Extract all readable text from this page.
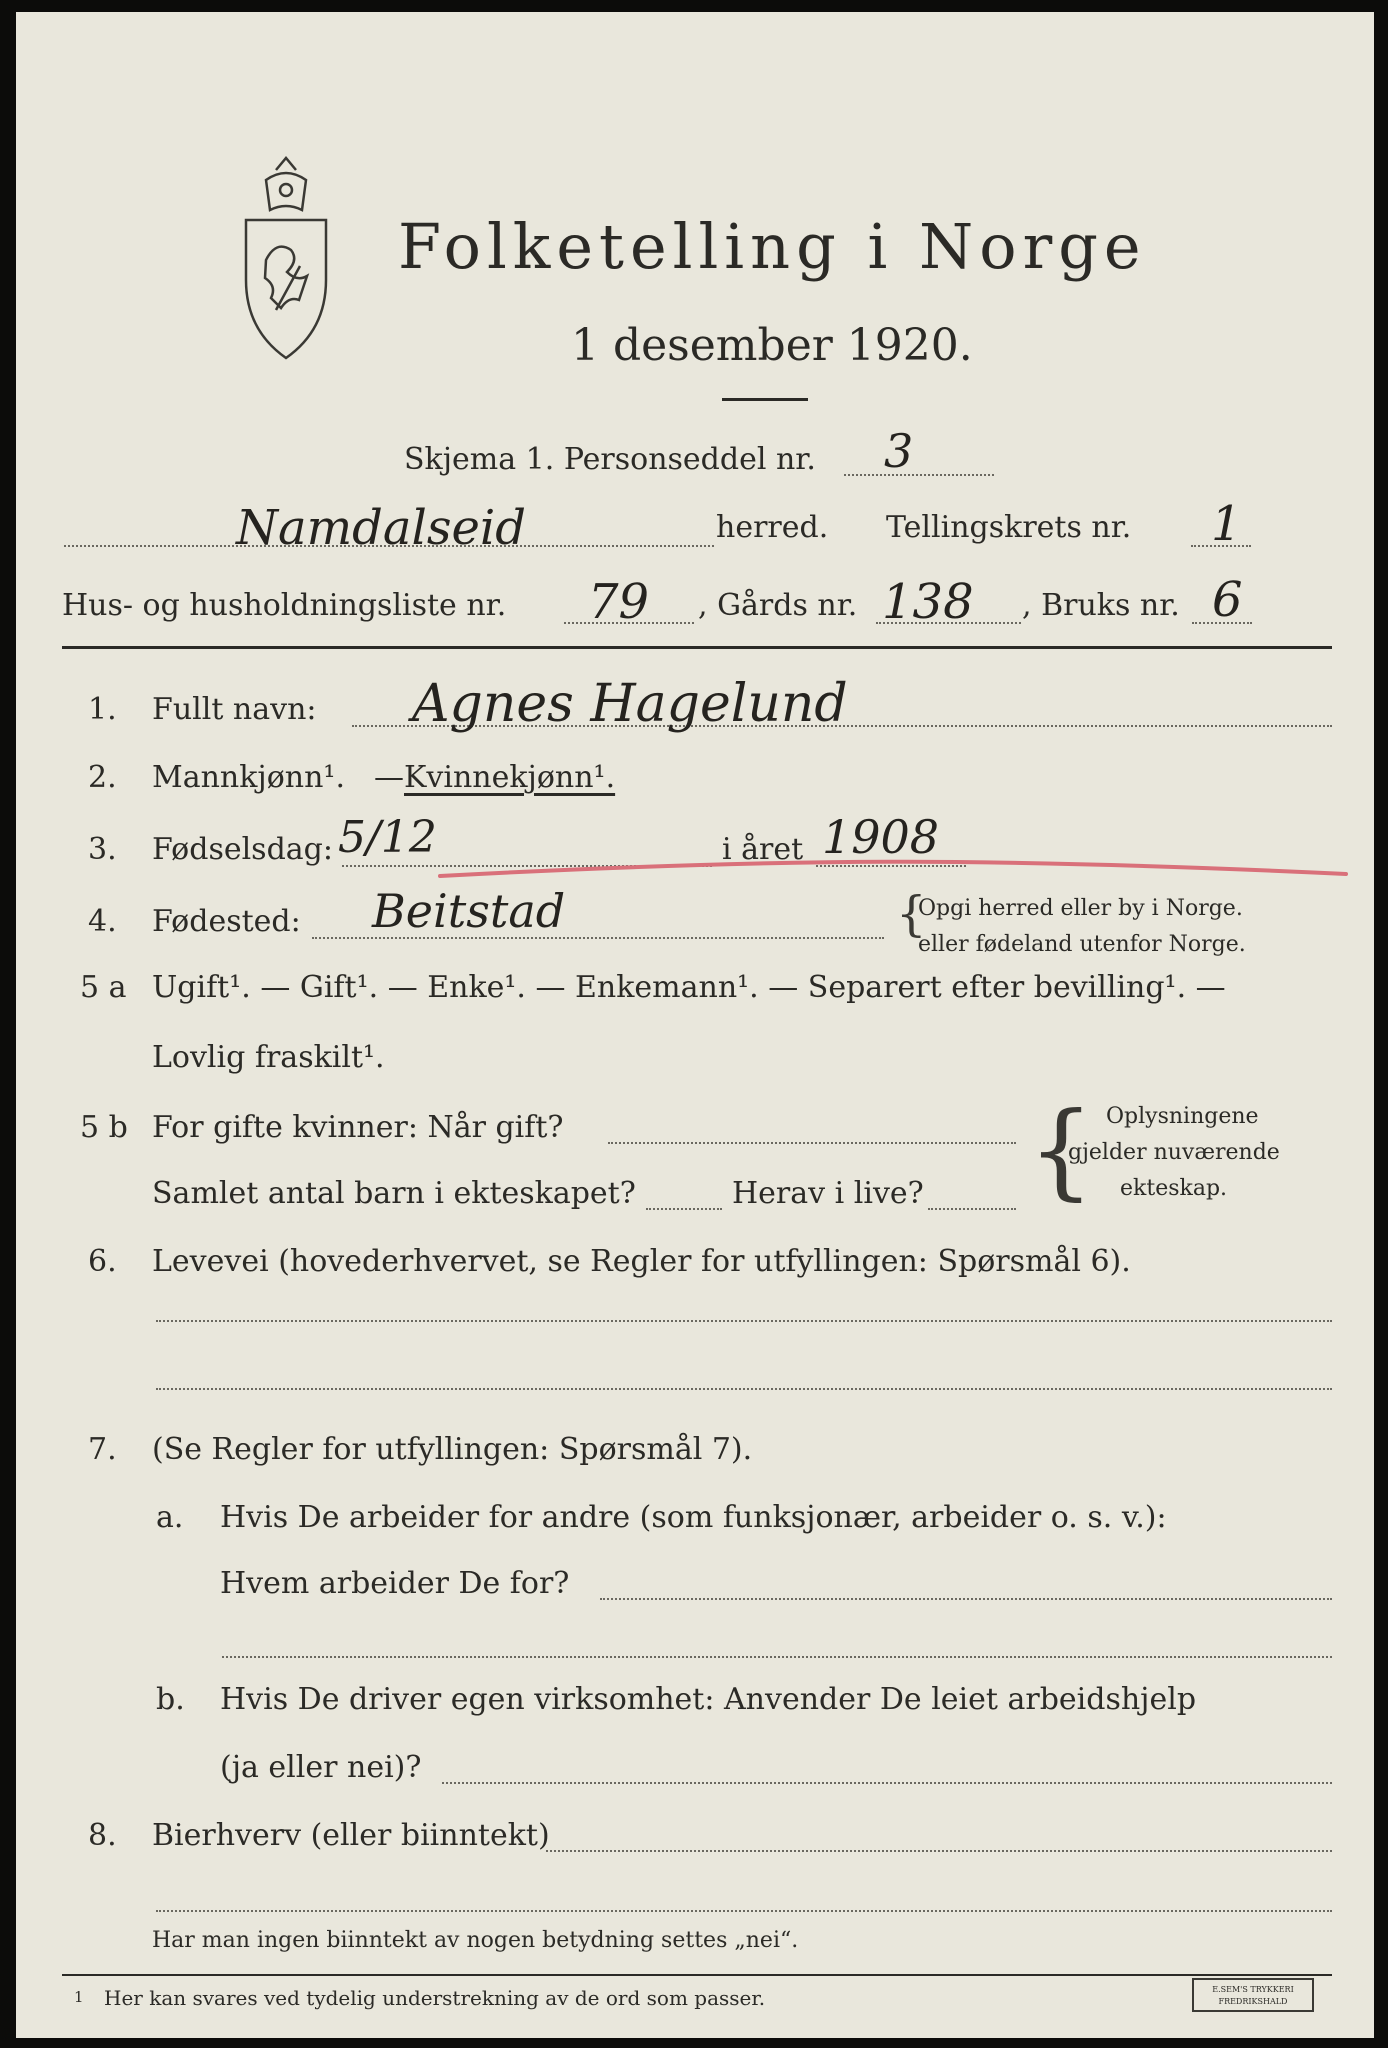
Folketelling i Norge
1 desember 1920.
Skjema 1. Personseddel nr. 3
Namdalseid	herred. Tellingskrets nr. 1
Hus- og husholdningsliste nr. 79 , Gårds nr. 138 , Bruks nr. 6
1. Fullt navn: Agnes Hagelund
2. Mannkjønn¹. — Kvinnekjønn¹.
3. Fødselsdag: 5/12	i året 1908
4. Fødested: Beitstad	{
Opgi herred eller by i Norge.
eller fødeland utenfor Norge.
5 a Ugift¹. — Gift¹. — Enke¹. — Enkemann¹. — Separert efter bevilling¹. —
Lovlig fraskilt¹.
5 b For gifte kvinner: Når gift?
Samlet antal barn i ekteskapet?	Herav i live? { Oplysningene
gjelder nuværende
ekteskap.
6. Levevei (hovederhvervet, se Regler for utfyllingen: Spørsmål 6).
7. (Se Regler for utfyllingen: Spørsmål 7).
a. Hvis De arbeider for andre (som funksjonær, arbeider o. s. v.):
Hvem arbeider De for?
b. Hvis De driver egen virksomhet: Anvender De leiet arbeidshjelp
(ja eller nei)?
8. Bierhverv (eller biinntekt)
Har man ingen biinntekt av nogen betydning settes „nei“.
1 Her kan svares ved tydelig understrekning av de ord som passer.	E.SEM'S TRYKKERI
FREDRIKSHALD
